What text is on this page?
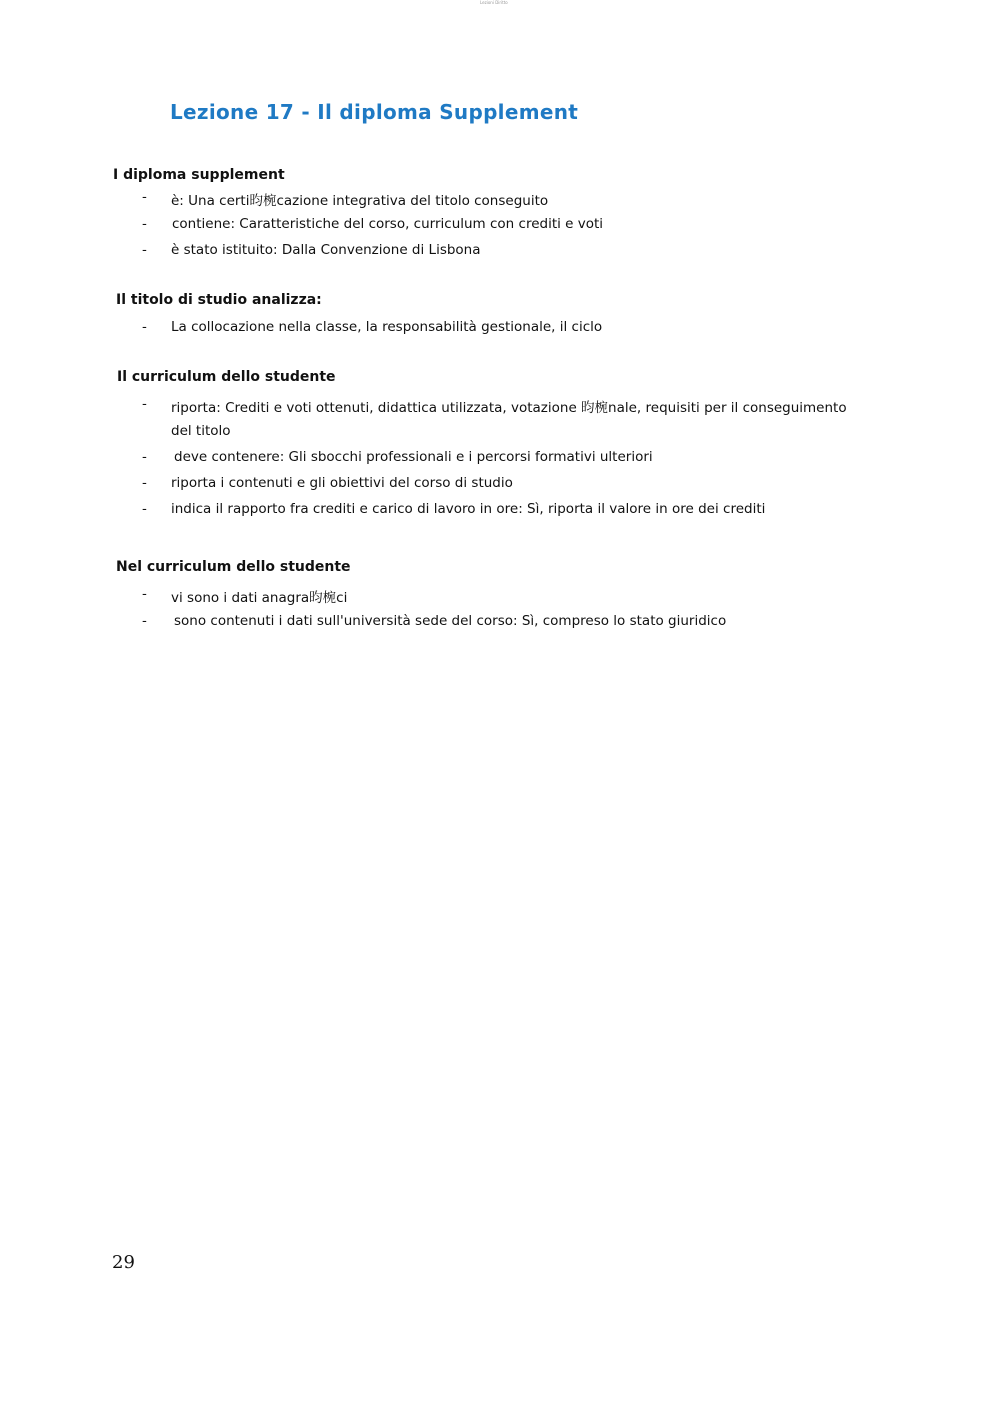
Lezioni Diritto
Lezione 17 - Il diploma Supplement
I diploma supplement
-	è: Una certi昀椀cazione integrativa del titolo conseguito
-	contiene: Caratteristiche del corso, curriculum con crediti e voti
-	è stato istituito: Dalla Convenzione di Lisbona
Il titolo di studio analizza:
-	La collocazione nella classe, la responsabilità gestionale, il ciclo
Il curriculum dello studente
-	riporta: Crediti e voti ottenuti, didattica utilizzata, votazione 昀椀nale, requisiti per il conseguimento
del titolo
-	deve contenere: Gli sbocchi professionali e i percorsi formativi ulteriori
-	riporta i contenuti e gli obiettivi del corso di studio
-	indica il rapporto fra crediti e carico di lavoro in ore: Sì, riporta il valore in ore dei crediti
Nel curriculum dello studente
-	vi sono i dati anagra昀椀ci
-	sono contenuti i dati sull'università sede del corso: Sì, compreso lo stato giuridico
29
